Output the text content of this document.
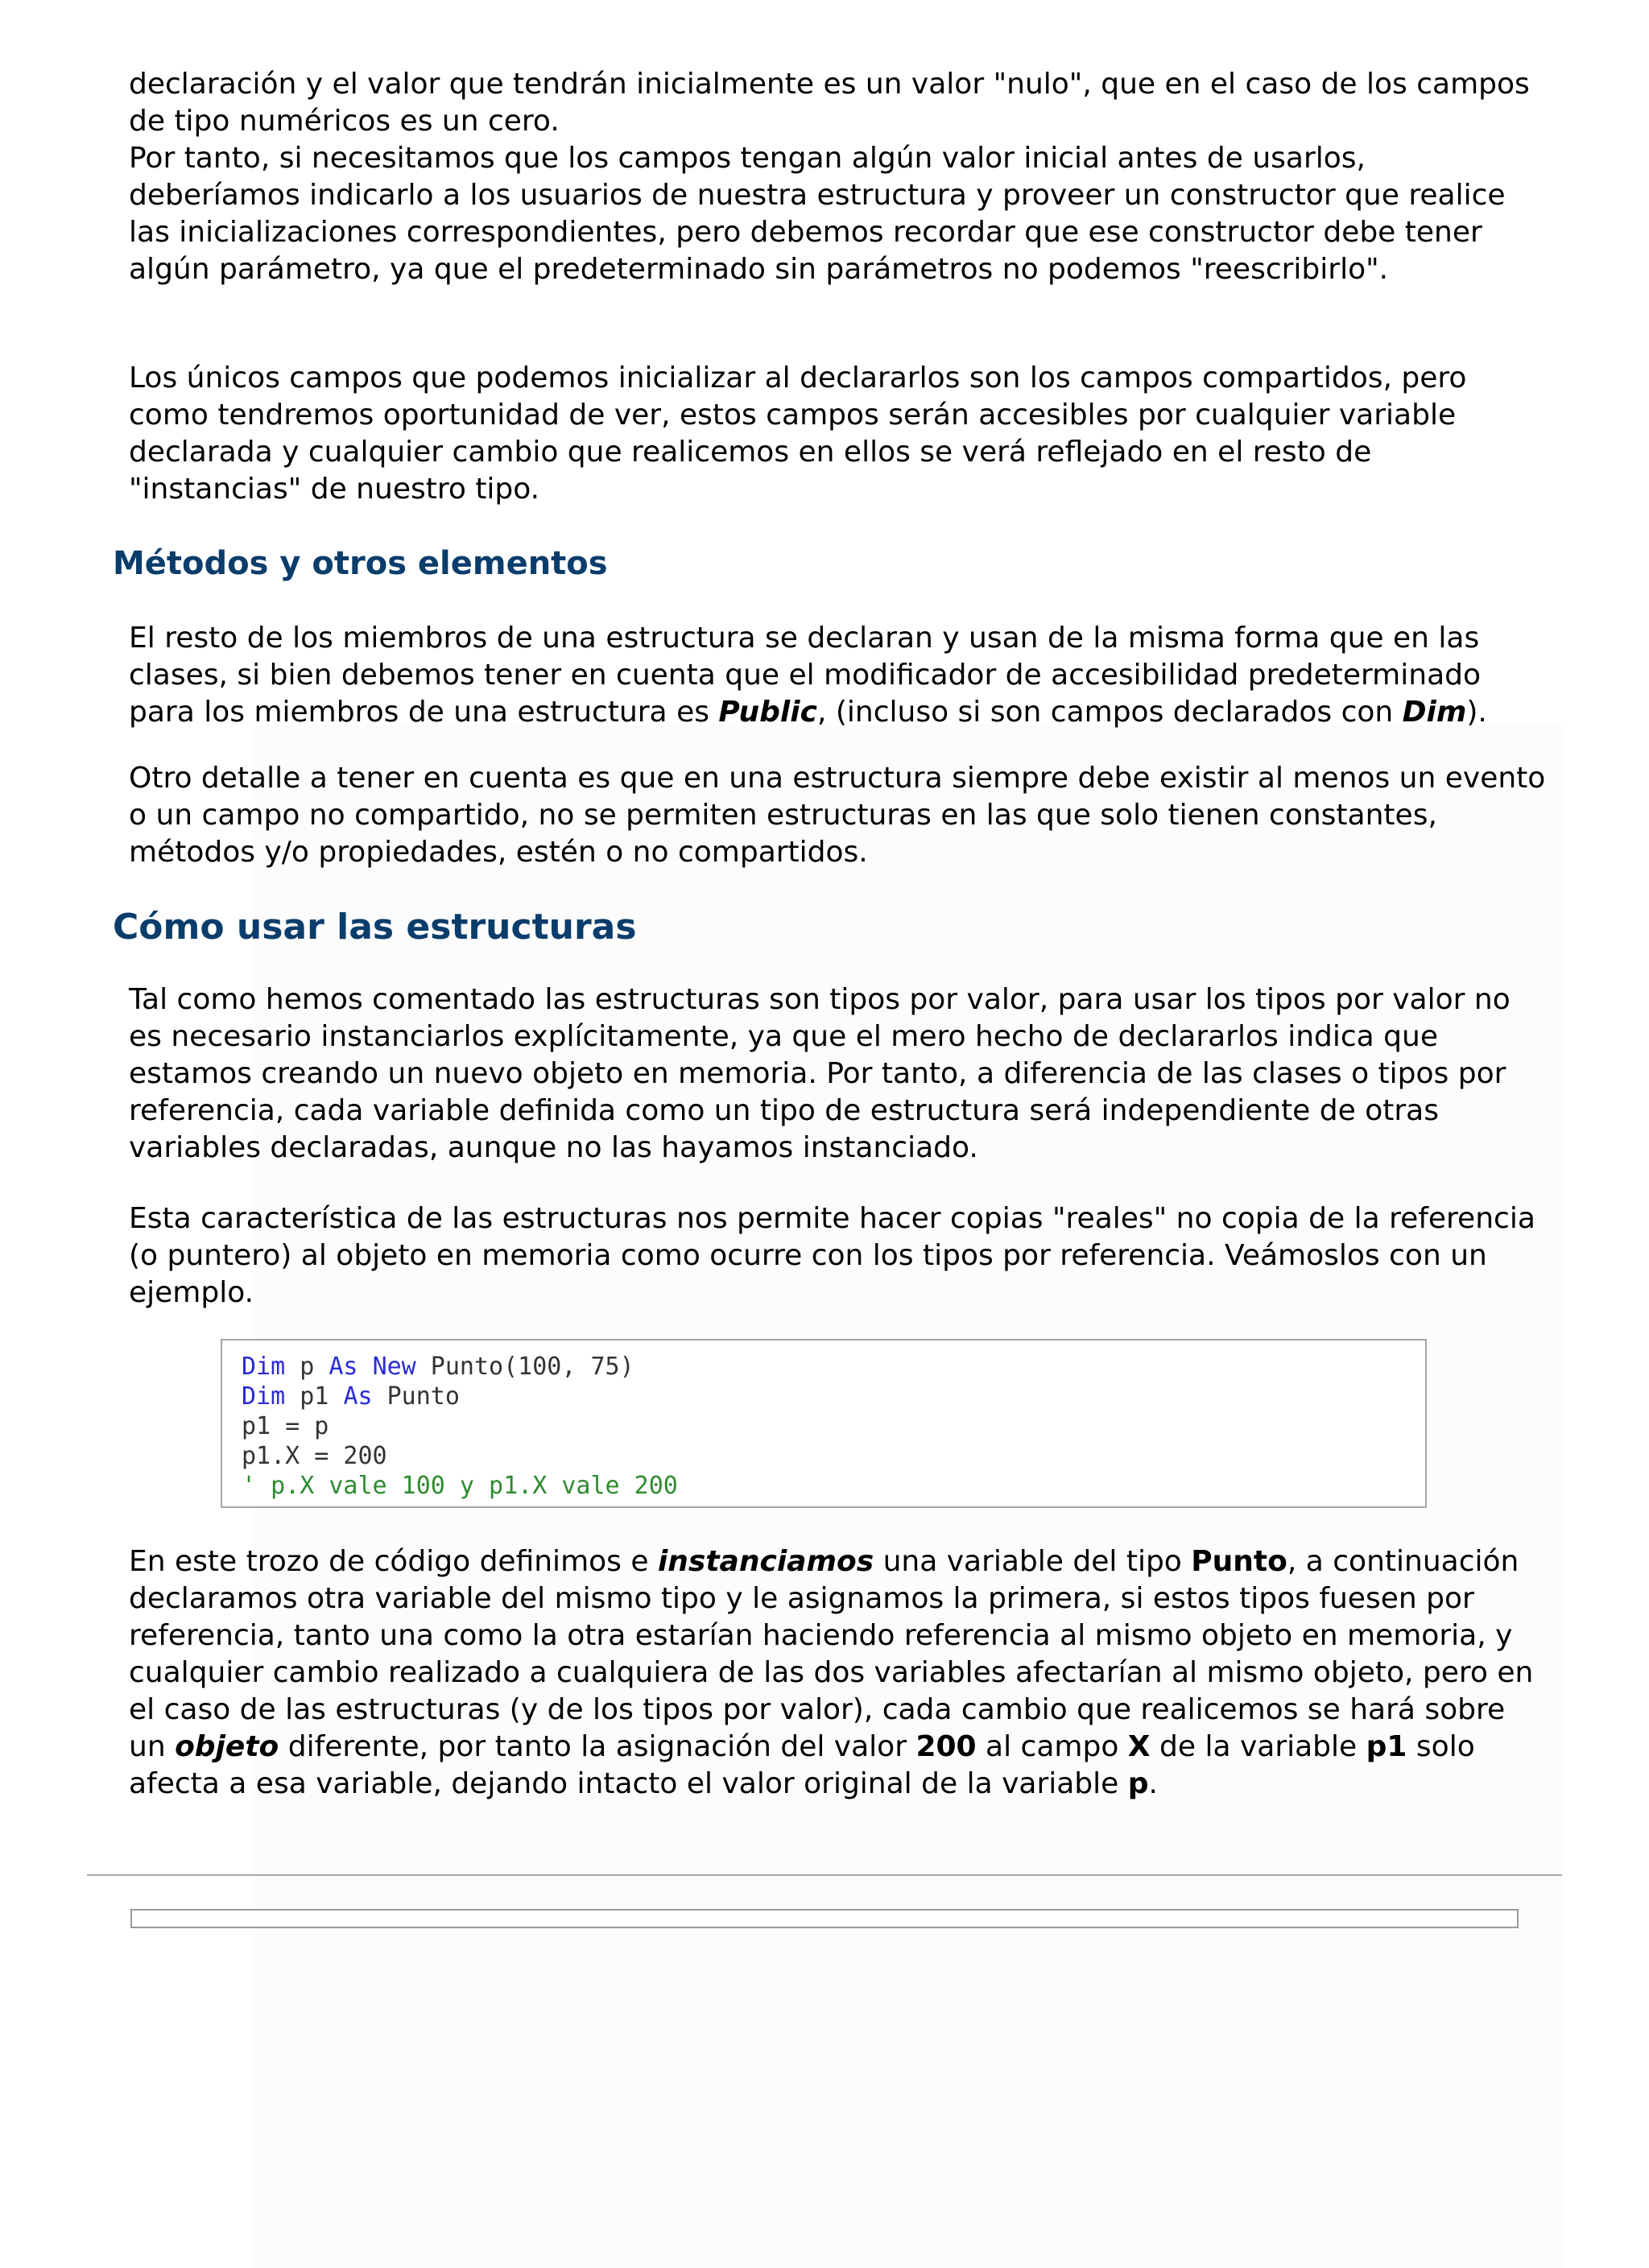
declaración y el valor que tendrán inicialmente es un valor "nulo", que en el caso de los campos de tipo numéricos es un cero.
Por tanto, si necesitamos que los campos tengan algún valor inicial antes de usarlos, deberíamos indicarlo a los usuarios de nuestra estructura y proveer un constructor que realice las inicializaciones correspondientes, pero debemos recordar que ese constructor debe tener algún parámetro, ya que el predeterminado sin parámetros no podemos "reescribirlo".

Los únicos campos que podemos inicializar al declararlos son los campos compartidos, pero como tendremos oportunidad de ver, estos campos serán accesibles por cualquier variable declarada y cualquier cambio que realicemos en ellos se verá reflejado en el resto de "instancias" de nuestro tipo.

Métodos y otros elementos

El resto de los miembros de una estructura se declaran y usan de la misma forma que en las clases, si bien debemos tener en cuenta que el modificador de accesibilidad predeterminado para los miembros de una estructura es Public, (incluso si son campos declarados con Dim).

Otro detalle a tener en cuenta es que en una estructura siempre debe existir al menos un evento o un campo no compartido, no se permiten estructuras en las que solo tienen constantes, métodos y/o propiedades, estén o no compartidos.

Cómo usar las estructuras

Tal como hemos comentado las estructuras son tipos por valor, para usar los tipos por valor no es necesario instanciarlos explícitamente, ya que el mero hecho de declararlos indica que estamos creando un nuevo objeto en memoria. Por tanto, a diferencia de las clases o tipos por referencia, cada variable definida como un tipo de estructura será independiente de otras variables declaradas, aunque no las hayamos instanciado.

Esta característica de las estructuras nos permite hacer copias "reales" no copia de la referencia (o puntero) al objeto en memoria como ocurre con los tipos por referencia. Veámoslos con un ejemplo.

Dim p As New Punto(100, 75)
Dim p1 As Punto
p1 = p
p1.X = 200
' p.X vale 100 y p1.X vale 200

En este trozo de código definimos e instanciamos una variable del tipo Punto, a continuación declaramos otra variable del mismo tipo y le asignamos la primera, si estos tipos fuesen por referencia, tanto una como la otra estarían haciendo referencia al mismo objeto en memoria, y cualquier cambio realizado a cualquiera de las dos variables afectarían al mismo objeto, pero en el caso de las estructuras (y de los tipos por valor), cada cambio que realicemos se hará sobre un objeto diferente, por tanto la asignación del valor 200 al campo X de la variable p1 solo afecta a esa variable, dejando intacto el valor original de la variable p.
